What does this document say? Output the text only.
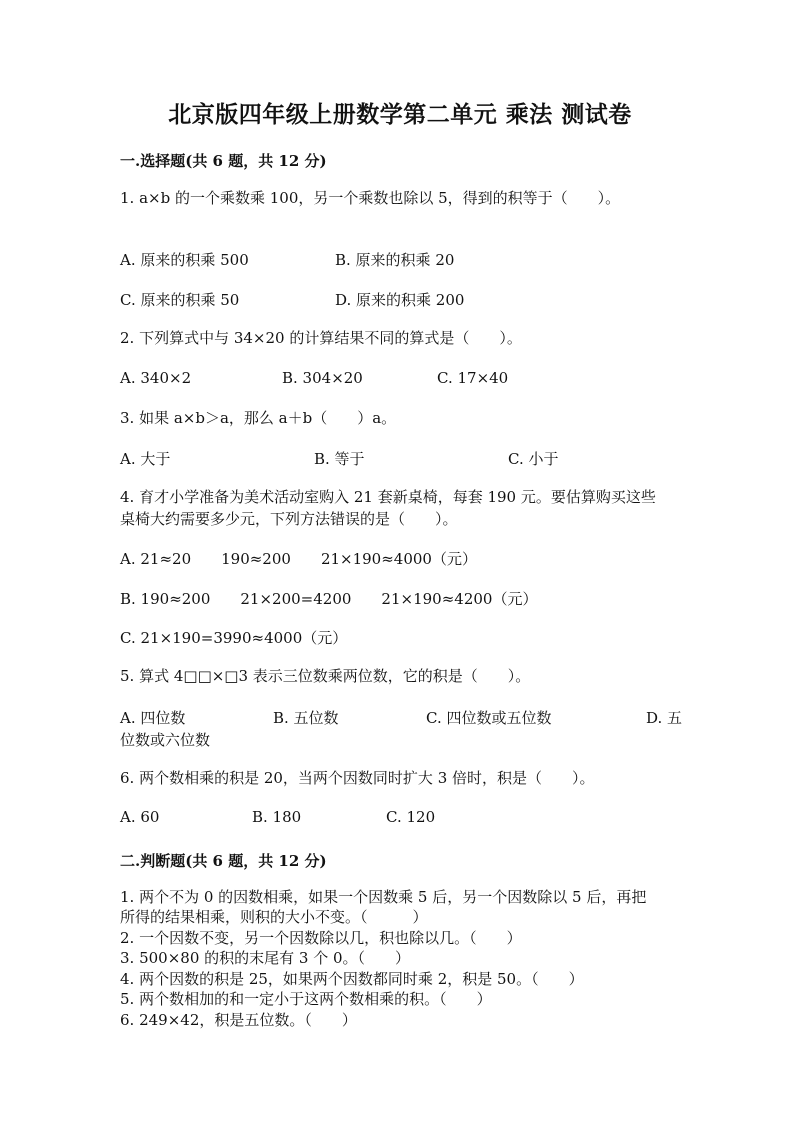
北京版四年级上册数学第二单元 乘法 测试卷
一.选择题(共 6 题，共 12 分)
1. a×b 的一个乘数乘 100，另一个乘数也除以 5，得到的积等于（　　）。
A. 原来的积乘 500	B. 原来的积乘 20
C. 原来的积乘 50	D. 原来的积乘 200
2. 下列算式中与 34×20 的计算结果不同的算式是（　　）。
A. 340×2	B. 304×20	C. 17×40
3. 如果 a×b＞a，那么 a＋b（　　）a。
A. 大于	B. 等于	C. 小于
4. 育才小学准备为美术活动室购入 21 套新桌椅，每套 190 元。要估算购买这些
桌椅大约需要多少元，下列方法错误的是（　　）。
A. 21≈20　　190≈200　　21×190≈4000（元）
B. 190≈200　　21×200=4200　　21×190≈4200（元）
C. 21×190=3990≈4000（元）
5. 算式 4□□×□3 表示三位数乘两位数，它的积是（　　）。
A. 四位数	B. 五位数	C. 四位数或五位数	D. 五
位数或六位数
6. 两个数相乘的积是 20，当两个因数同时扩大 3 倍时，积是（　　）。
A. 60	B. 180	C. 120
二.判断题(共 6 题，共 12 分)
1. 两个不为 0 的因数相乘，如果一个因数乘 5 后，另一个因数除以 5 后，再把
所得的结果相乘，则积的大小不变。（　　　）
2. 一个因数不变，另一个因数除以几，积也除以几。（　　）
3. 500×80 的积的末尾有 3 个 0。（　　）
4. 两个因数的积是 25，如果两个因数都同时乘 2，积是 50。（　　）
5. 两个数相加的和一定小于这两个数相乘的积。（　　）
6. 249×42，积是五位数。（　　）
